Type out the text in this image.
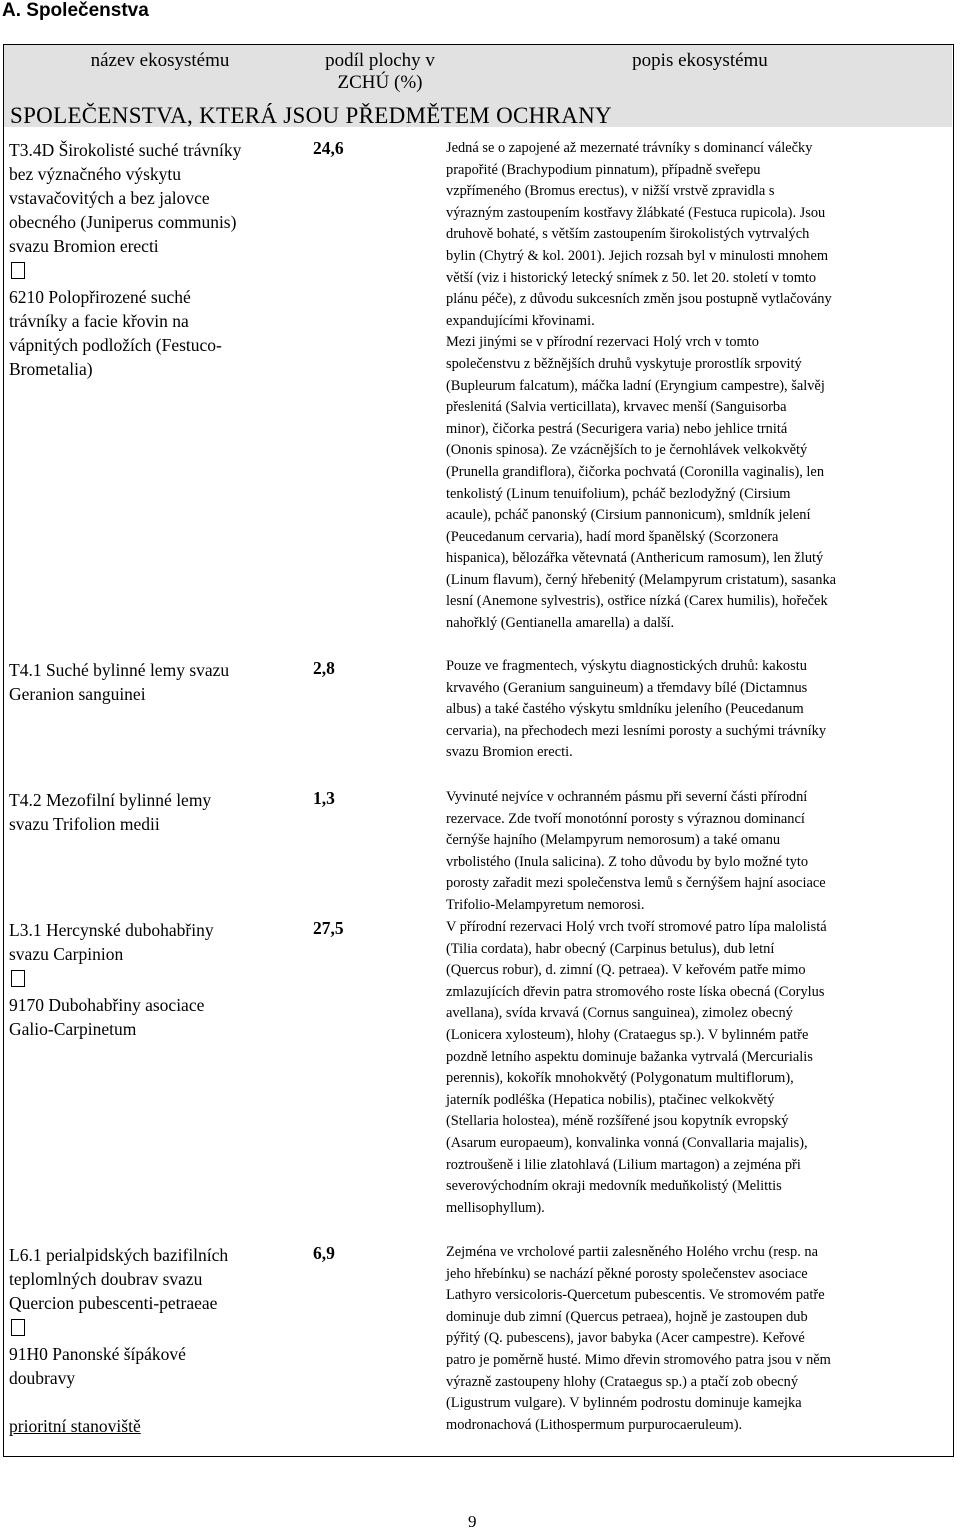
A. Společenstva
název ekosystému	podíl plochy v
ZCHÚ (%)
popis ekosystému
SPOLEČENSTVA, KTERÁ JSOU PŘEDMĚTEM OCHRANY
T3.4D Širokolisté suché trávníky
bez význačného výskytu
vstavačovitých a bez jalovce
obecného (Juniperus communis)
svazu Bromion erecti
6210 Polopřirozené suché
trávníky a facie křovin na
vápnitých podložích (Festuco-
Brometalia)
24,6	Jedná se o zapojené až mezernaté trávníky s dominancí válečky
prapořité (Brachypodium pinnatum), případně sveřepu
vzpřímeného (Bromus erectus), v nižší vrstvě zpravidla s
výrazným zastoupením kostřavy žlábkaté (Festuca rupicola). Jsou
druhově bohaté, s větším zastoupením širokolistých vytrvalých
bylin (Chytrý & kol. 2001). Jejich rozsah byl v minulosti mnohem
větší (viz i historický letecký snímek z 50. let 20. století v tomto
plánu péče), z důvodu sukcesních změn jsou postupně vytlačovány
expandujícími křovinami.
Mezi jinými se v přírodní rezervaci Holý vrch v tomto
společenstvu z běžnějších druhů vyskytuje prorostlík srpovitý
(Bupleurum falcatum), máčka ladní (Eryngium campestre), šalvěj
přeslenitá (Salvia verticillata), krvavec menší (Sanguisorba
minor), čičorka pestrá (Securigera varia) nebo jehlice trnitá
(Ononis spinosa). Ze vzácnějších to je černohlávek velkokvětý
(Prunella grandiflora), čičorka pochvatá (Coronilla vaginalis), len
tenkolistý (Linum tenuifolium), pcháč bezlodyžný (Cirsium
acaule), pcháč panonský (Cirsium pannonicum), smldník jelení
(Peucedanum cervaria), hadí mord španělský (Scorzonera
hispanica), bělozářka větevnatá (Anthericum ramosum), len žlutý
(Linum flavum), černý hřebenitý (Melampyrum cristatum), sasanka
lesní (Anemone sylvestris), ostřice nízká (Carex humilis), hořeček
nahořklý (Gentianella amarella) a další.
T4.1 Suché bylinné lemy svazu
Geranion sanguinei
2,8	Pouze ve fragmentech, výskytu diagnostických druhů: kakostu
krvavého (Geranium sanguineum) a třemdavy bílé (Dictamnus
albus) a také častého výskytu smldníku jeleního (Peucedanum
cervaria), na přechodech mezi lesními porosty a suchými trávníky
svazu Bromion erecti.
T4.2 Mezofilní bylinné lemy
svazu Trifolion medii
1,3	Vyvinuté nejvíce v ochranném pásmu při severní části přírodní
rezervace. Zde tvoří monotónní porosty s výraznou dominancí
černýše hajního (Melampyrum nemorosum) a také omanu
vrbolistého (Inula salicina). Z toho důvodu by bylo možné tyto
porosty zařadit mezi společenstva lemů s černýšem hajní asociace
Trifolio-Melampyretum nemorosi.
L3.1 Hercynské dubohabřiny
svazu Carpinion
9170 Dubohabřiny asociace
Galio-Carpinetum
27,5	V přírodní rezervaci Holý vrch tvoří stromové patro lípa malolistá
(Tilia cordata), habr obecný (Carpinus betulus), dub letní
(Quercus robur), d. zimní (Q. petraea). V keřovém patře mimo
zmlazujících dřevin patra stromového roste líska obecná (Corylus
avellana), svída krvavá (Cornus sanguinea), zimolez obecný
(Lonicera xylosteum), hlohy (Crataegus sp.). V bylinném patře
pozdně letního aspektu dominuje bažanka vytrvalá (Mercurialis
perennis), kokořík mnohokvětý (Polygonatum multiflorum),
jaterník podléška (Hepatica nobilis), ptačinec velkokvětý
(Stellaria holostea), méně rozšířené jsou kopytník evropský
(Asarum europaeum), konvalinka vonná (Convallaria majalis),
roztroušeně i lilie zlatohlavá (Lilium martagon) a zejména při
severovýchodním okraji medovník meduňkolistý (Melittis
mellisophyllum).
L6.1 perialpidských bazifilních
teplomlných doubrav svazu
Quercion pubescenti-petraeae
91H0 Panonské šípákové
doubravy

prioritní stanoviště
6,9	Zejména ve vrcholové partii zalesněného Holého vrchu (resp. na
jeho hřebínku) se nachází pěkné porosty společenstev asociace
Lathyro versicoloris-Quercetum pubescentis. Ve stromovém patře
dominuje dub zimní (Quercus petraea), hojně je zastoupen dub
pýřitý (Q. pubescens), javor babyka (Acer campestre). Keřové
patro je poměrně husté. Mimo dřevin stromového patra jsou v něm
výrazně zastoupeny hlohy (Crataegus sp.) a ptačí zob obecný
(Ligustrum vulgare). V bylinném podrostu dominuje kamejka
modronachová (Lithospermum purpurocaeruleum).
9
